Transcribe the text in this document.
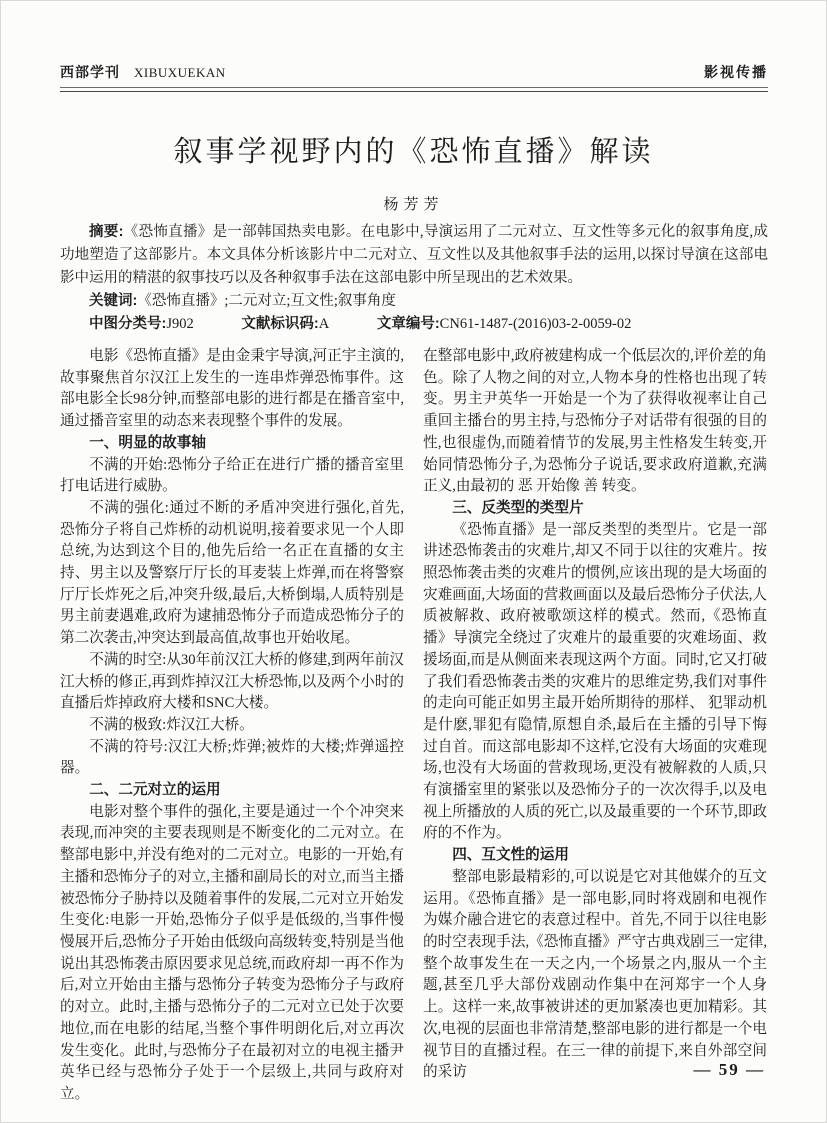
西部学刊 XIBUXUEKAN	影视传播
叙事学视野内的《恐怖直播》解读
杨芳芳

摘要:《恐怖直播》是一部韩国热卖电影。在电影中,导演运用了二元对立、互文性等多元化的叙事角度,成功地塑造了这部影片。本文具体分析该影片中二元对立、互文性以及其他叙事手法的运用,以探讨导演在这部电影中运用的精湛的叙事技巧以及各种叙事手法在这部电影中所呈现出的艺术效果。

关键词:《恐怖直播》;二元对立;互文性;叙事角度

中图分类号:J902	文献标识码:A	文章编号:CN61-1487-(2016)03-2-0059-02

电影《恐怖直播》是由金秉宇导演,河正宇主演的,故事聚焦首尔汉江上发生的一连串炸弹恐怖事件。这部电影全长98分钟,而整部电影的进行都是在播音室中,通过播音室里的动态来表现整个事件的发展。

一、明显的故事轴

不满的开始:恐怖分子给正在进行广播的播音室里打电话进行威胁。

不满的强化:通过不断的矛盾冲突进行强化,首先,恐怖分子将自己炸桥的动机说明,接着要求见一个人即总统,为达到这个目的,他先后给一名正在直播的女主持、男主以及警察厅厅长的耳麦装上炸弹,而在将警察厅厅长炸死之后,冲突升级,最后,大桥倒塌,人质特别是男主前妻遇难,政府为逮捕恐怖分子而造成恐怖分子的第二次袭击,冲突达到最高值,故事也开始收尾。

不满的时空:从30年前汉江大桥的修建,到两年前汉江大桥的修正,再到炸掉汉江大桥恐怖,以及两个小时的直播后炸掉政府大楼和SNC大楼。

不满的极致:炸汉江大桥。

不满的符号:汉江大桥;炸弹;被炸的大楼;炸弹遥控器。

二、二元对立的运用

电影对整个事件的强化,主要是通过一个个冲突来表现,而冲突的主要表现则是不断变化的二元对立。在整部电影中,并没有绝对的二元对立。电影的一开始,有主播和恐怖分子的对立,主播和副局长的对立,而当主播被恐怖分子胁持以及随着事件的发展,二元对立开始发生变化:电影一开始,恐怖分子似乎是低级的,当事件慢慢展开后,恐怖分子开始由低级向高级转变,特别是当他说出其恐怖袭击原因要求见总统,而政府却一再不作为后,对立开始由主播与恐怖分子转变为恐怖分子与政府的对立。此时,主播与恐怖分子的二元对立已处于次要地位,而在电影的结尾,当整个事件明朗化后,对立再次发生变化。此时,与恐怖分子在最初对立的电视主播尹英华已经与恐怖分子处于一个层级上,共同与政府对立。

在整部电影中,政府被建构成一个低层次的,评价差的角色。除了人物之间的对立,人物本身的性格也出现了转变。男主尹英华一开始是一个为了获得收视率让自己重回主播台的男主持,与恐怖分子对话带有很强的目的性,也很虚伪,而随着情节的发展,男主性格发生转变,开始同情恐怖分子,为恐怖分子说话,要求政府道歉,充满正义,由最初的 恶 开始像 善 转变。

三、反类型的类型片

《恐怖直播》是一部反类型的类型片。它是一部讲述恐怖袭击的灾难片,却又不同于以往的灾难片。按照恐怖袭击类的灾难片的惯例,应该出现的是大场面的灾难画面,大场面的营救画面以及最后恐怖分子伏法,人质被解救、政府被歌颂这样的模式。然而,《恐怖直播》导演完全绕过了灾难片的最重要的灾难场面、救援场面,而是从侧面来表现这两个方面。同时,它又打破了我们看恐怖袭击类的灾难片的思维定势,我们对事件的走向可能正如男主最开始所期待的那样、 犯罪动机是什麽,罪犯有隐情,原想自杀,最后在主播的引导下悔过自首。而这部电影却不这样,它没有大场面的灾难现场,也没有大场面的营救现场,更没有被解救的人质,只有演播室里的紧张以及恐怖分子的一次次得手,以及电视上所播放的人质的死亡,以及最重要的一个环节,即政府的不作为。

四、互文性的运用

整部电影最精彩的,可以说是它对其他媒介的互文运用。《恐怖直播》是一部电影,同时将戏剧和电视作为媒介融合进它的表意过程中。首先,不同于以往电影的时空表现手法,《恐怖直播》严守古典戏剧三一定律,整个故事发生在一天之内,一个场景之内,服从一个主题,甚至几乎大部份戏剧动作集中在河郑宇一个人身上。这样一来,故事被讲述的更加紧凑也更加精彩。其次,电视的层面也非常清楚,整部电影的进行都是一个电视节目的直播过程。在三一律的前提下,来自外部空间的采访	— 59 —
